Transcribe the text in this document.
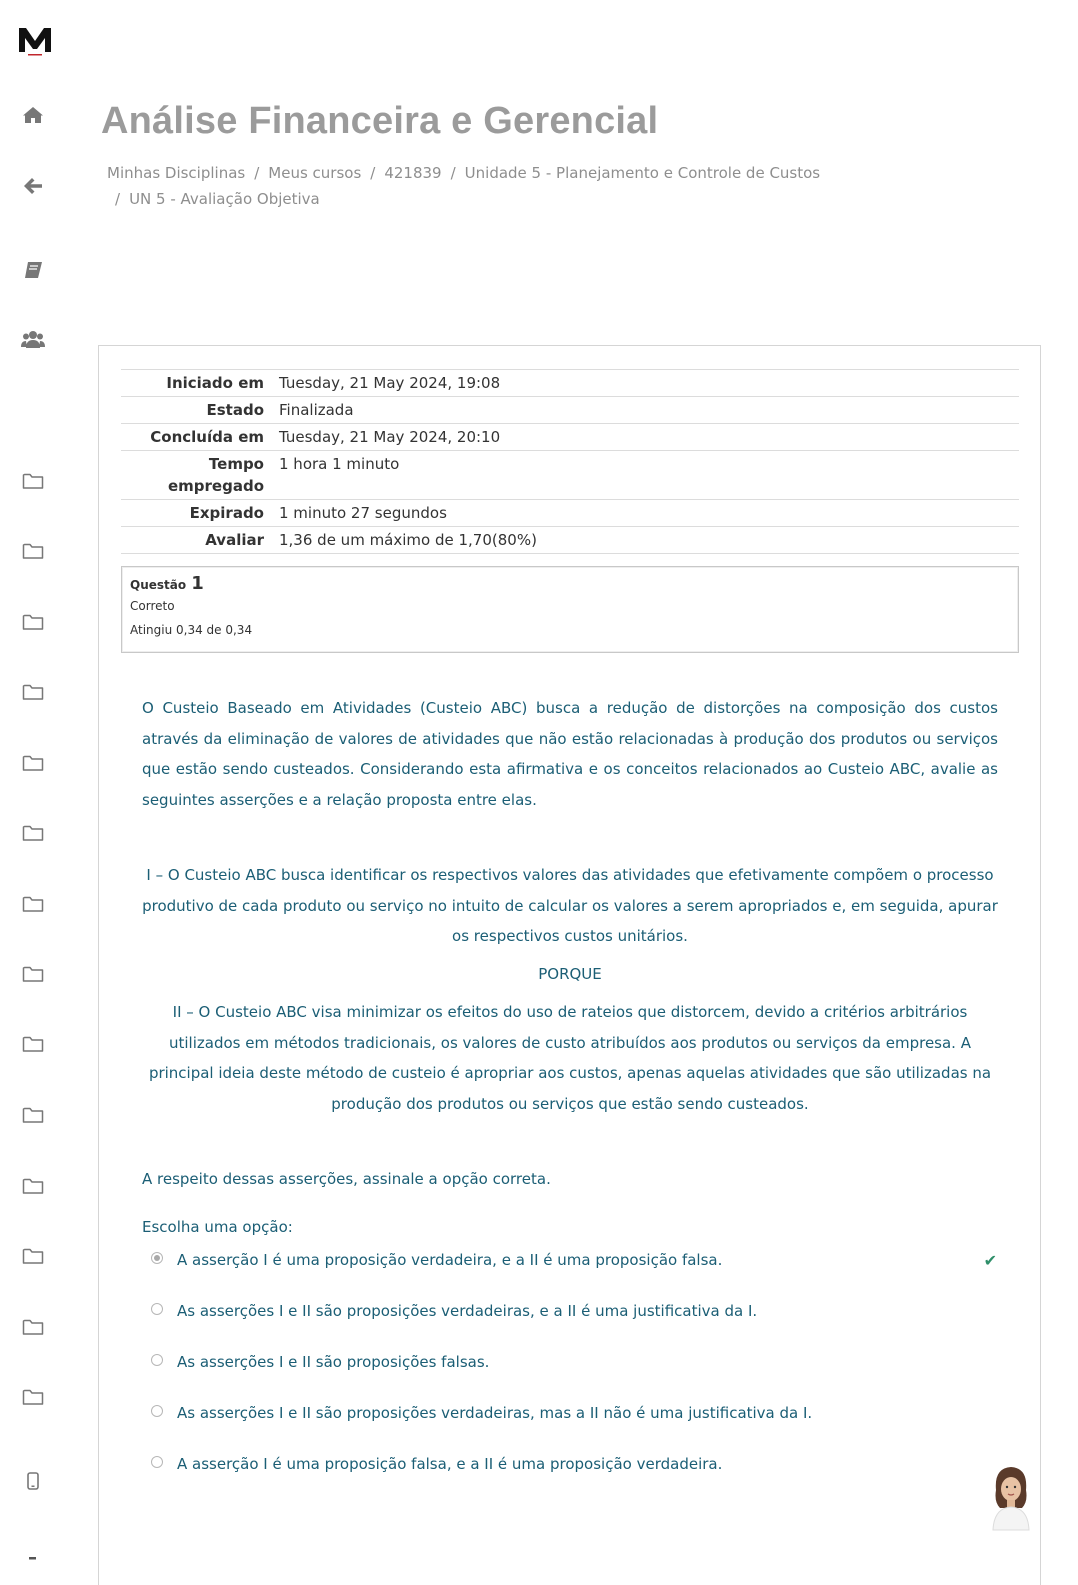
Análise Financeira e Gerencial
Minhas Disciplinas / Meus cursos / 421839 / Unidade 5 - Planejamento e Controle de Custos
/ UN 5 - Avaliação Objetiva
Iniciado em	Tuesday, 21 May 2024, 19:08
Estado	Finalizada
Concluída em	Tuesday, 21 May 2024, 20:10
Tempo empregado	1 hora 1 minuto
Expirado	1 minuto 27 segundos
Avaliar	1,36 de um máximo de 1,70(80%)
Questão 1
Correto
Atingiu 0,34 de 0,34
O Custeio Baseado em Atividades (Custeio ABC) busca a redução de distorções na composição dos custos através da eliminação de valores de atividades que não estão relacionadas à produção dos produtos ou serviços que estão sendo custeados. Considerando esta afirmativa e os conceitos relacionados ao Custeio ABC, avalie as seguintes asserções e a relação proposta entre elas.
I – O Custeio ABC busca identificar os respectivos valores das atividades que efetivamente compõem o processo produtivo de cada produto ou serviço no intuito de calcular os valores a serem apropriados e, em seguida, apurar os respectivos custos unitários.
PORQUE
II – O Custeio ABC visa minimizar os efeitos do uso de rateios que distorcem, devido a critérios arbitrários utilizados em métodos tradicionais, os valores de custo atribuídos aos produtos ou serviços da empresa. A principal ideia deste método de custeio é apropriar aos custos, apenas aquelas atividades que são utilizadas na produção dos produtos ou serviços que estão sendo custeados.
A respeito dessas asserções, assinale a opção correta.
Escolha uma opção:
A asserção I é uma proposição verdadeira, e a II é uma proposição falsa.	✔
As asserções I e II são proposições verdadeiras, e a II é uma justificativa da I.
As asserções I e II são proposições falsas.
As asserções I e II são proposições verdadeiras, mas a II não é uma justificativa da I.
A asserção I é uma proposição falsa, e a II é uma proposição verdadeira.
